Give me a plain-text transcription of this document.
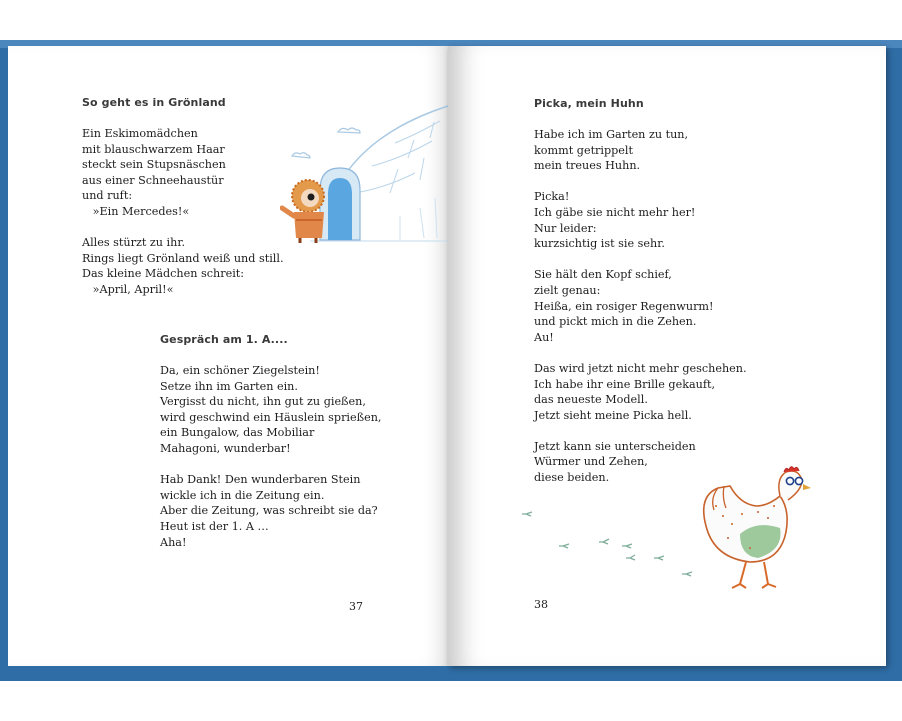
So geht es in Grönland
Ein Eskimomädchen
mit blauschwarzem Haar
steckt sein Stupsnäschen
aus einer Schneehaustür
und ruft:
»Ein Mercedes!«

Alles stürzt zu ihr.
Rings liegt Grönland weiß und still.
Das kleine Mädchen schreit:
»April, April!«
Gespräch am 1. A....
Da, ein schöner Ziegelstein!
Setze ihn im Garten ein.
Vergisst du nicht, ihn gut zu gießen,
wird geschwind ein Häuslein sprießen,
ein Bungalow, das Mobiliar
Mahagoni, wunderbar!

Hab Dank! Den wunderbaren Stein
wickle ich in die Zeitung ein.
Aber die Zeitung, was schreibt sie da?
Heut ist der 1. A …
Aha!
37
Picka, mein Huhn
Habe ich im Garten zu tun,
kommt getrippelt
mein treues Huhn.

Picka!
Ich gäbe sie nicht mehr her!
Nur leider:
kurzsichtig ist sie sehr.

Sie hält den Kopf schief,
zielt genau:
Heißa, ein rosiger Regenwurm!
und pickt mich in die Zehen.
Au!

Das wird jetzt nicht mehr geschehen.
Ich habe ihr eine Brille gekauft,
das neueste Modell.
Jetzt sieht meine Picka hell.

Jetzt kann sie unterscheiden
Würmer und Zehen,
diese beiden.
38
